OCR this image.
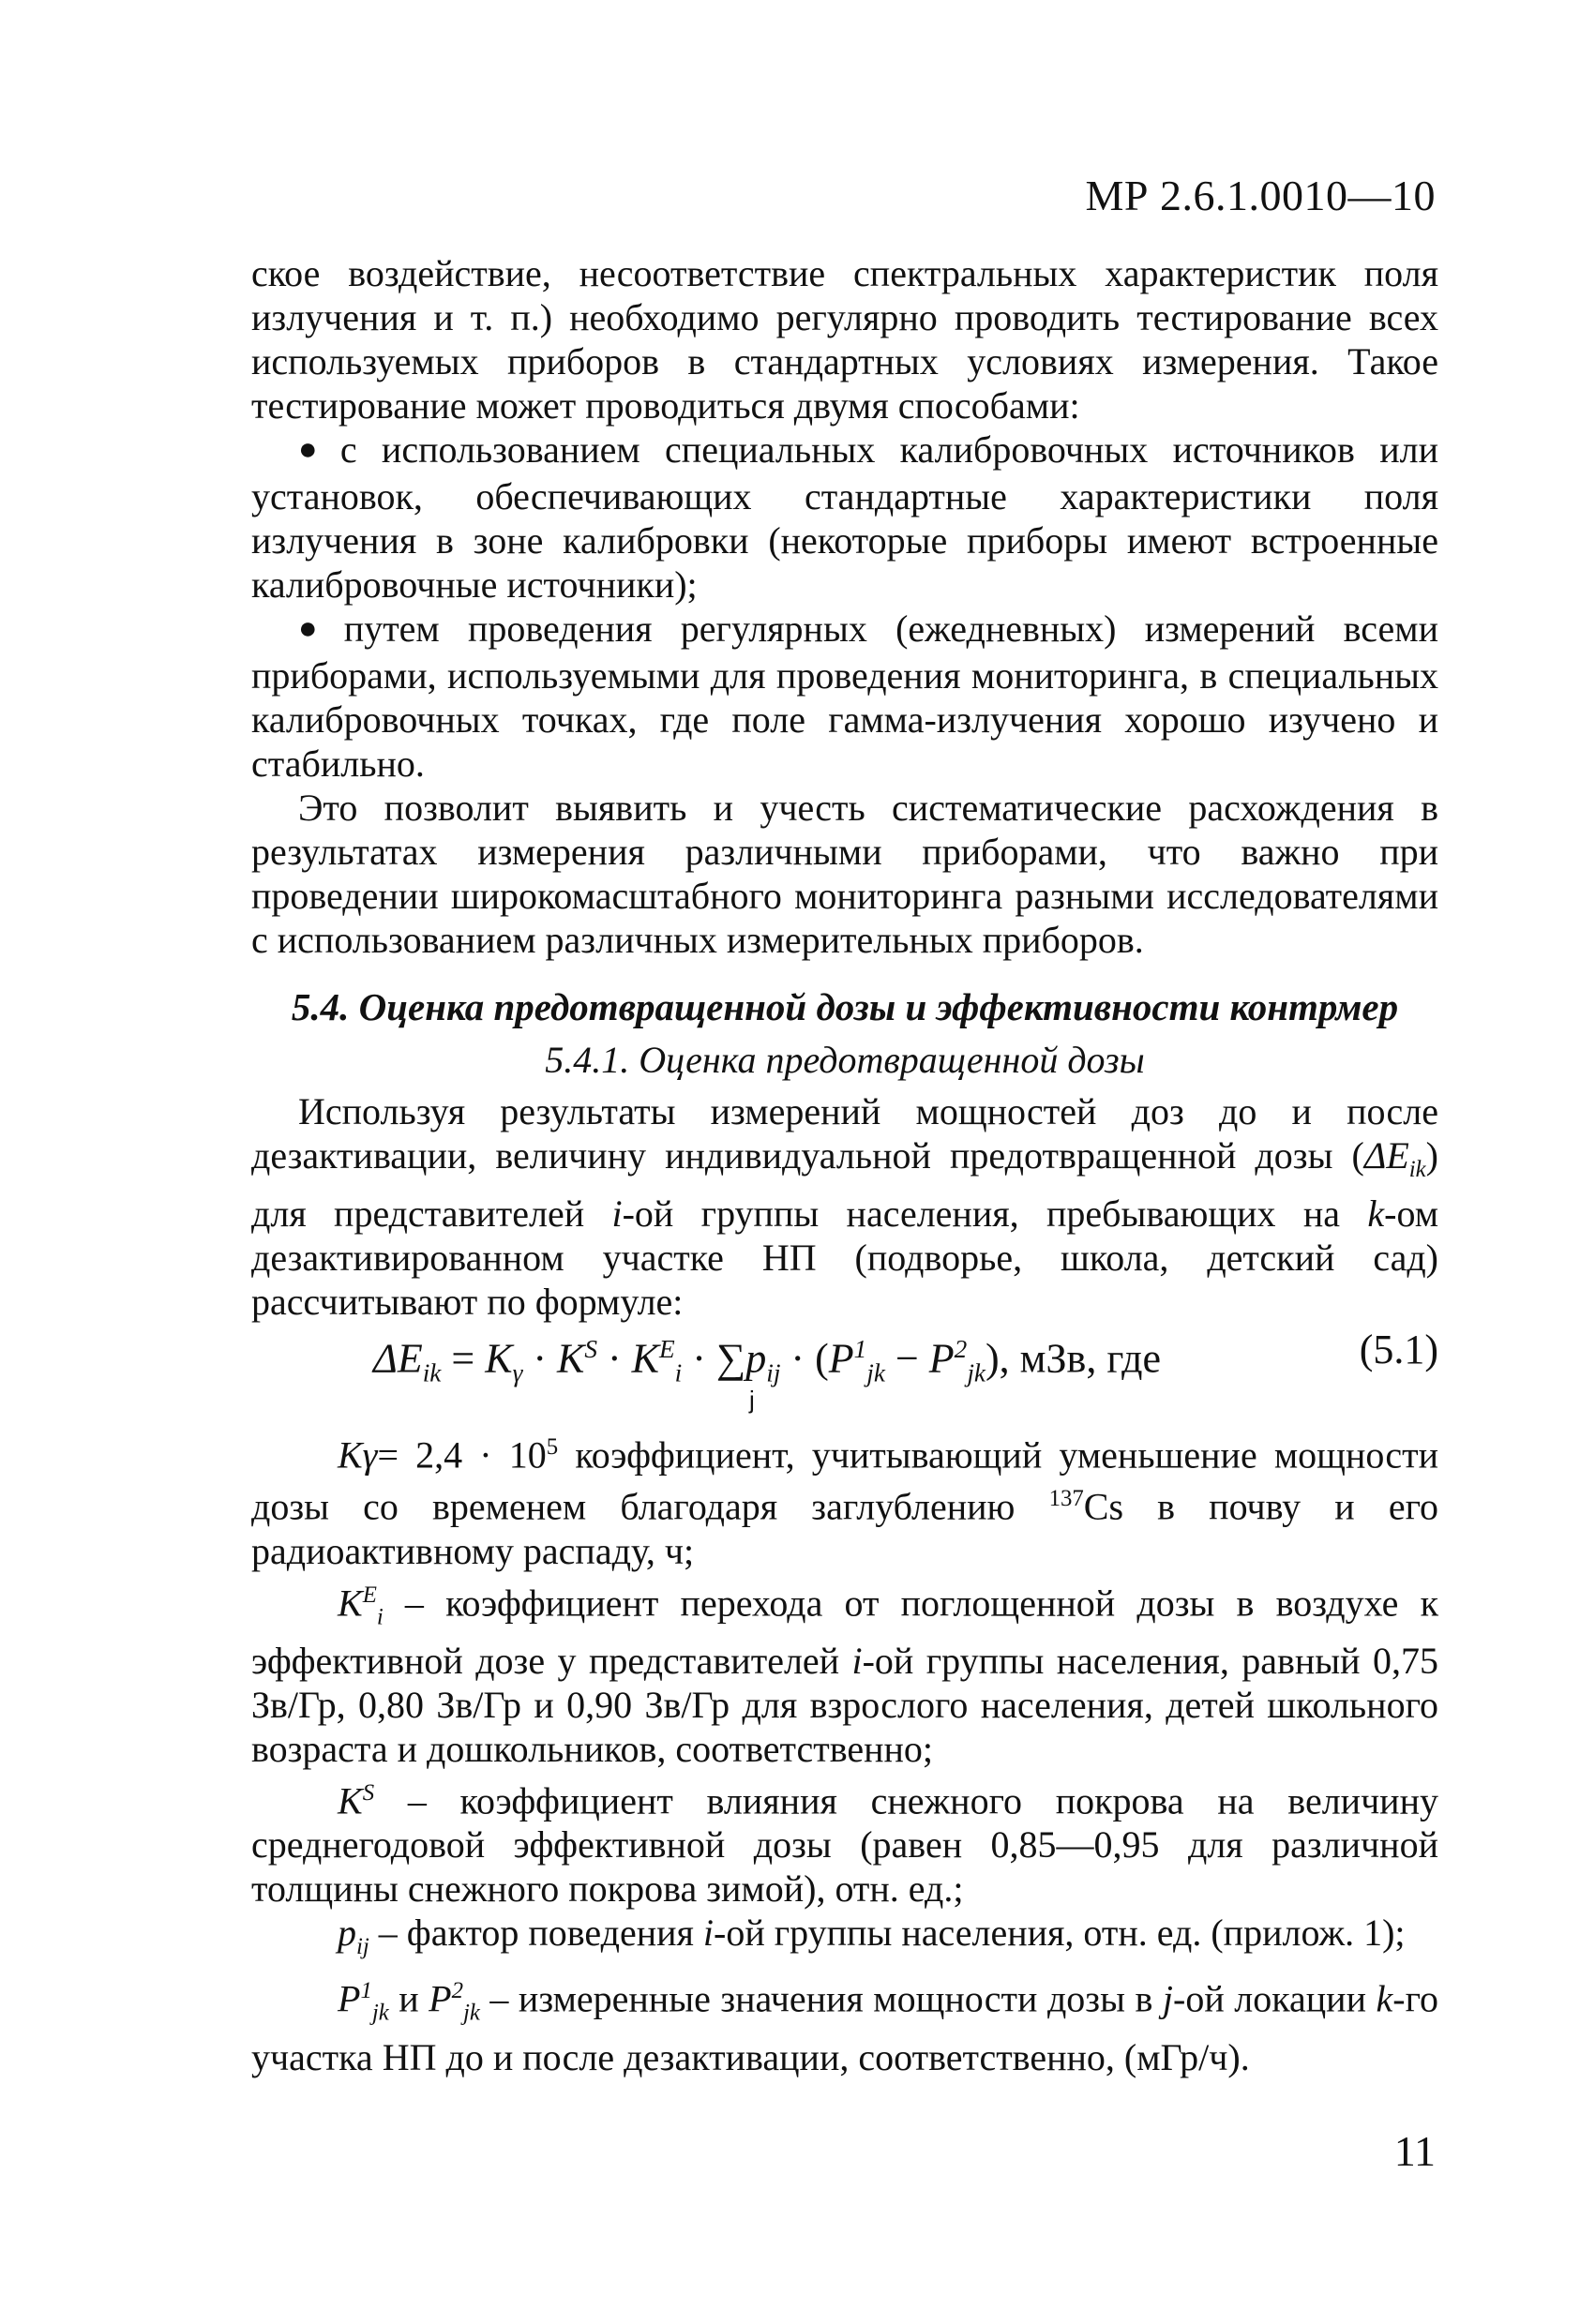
МР 2.6.1.0010—10

ское воздействие, несоответствие спектральных характеристик поля излучения и т. п.) необходимо регулярно проводить тестирование всех используемых приборов в стандартных условиях измерения. Такое тестирование может проводиться двумя способами:

● с использованием специальных калибровочных источников или установок, обеспечивающих стандартные характеристики поля излучения в зоне калибровки (некоторые приборы имеют встроенные калибровочные источники);

● путем проведения регулярных (ежедневных) измерений всеми приборами, используемыми для проведения мониторинга, в специальных калибровочных точках, где поле гамма-излучения хорошо изучено и стабильно.

Это позволит выявить и учесть систематические расхождения в результатах измерения различными приборами, что важно при проведении широкомасштабного мониторинга разными исследователями с использованием различных измерительных приборов.

5.4. Оценка предотвращенной дозы и эффективности контрмер
5.4.1. Оценка предотвращенной дозы

Используя результаты измерений мощностей доз до и после дезактивации, величину индивидуальной предотвращенной дозы $(\Delta E_{ik})$ для представителей i-ой группы населения, пребывающих на k-ом дезактивированном участке НП (подворье, школа, детский сад) рассчитывают по формуле:

$\Delta E_{ik} = K_\gamma \cdot K^S \cdot K^E_i \cdot \sum p_{ij} \cdot (P^1_{jk} - P^2_{jk})$, мЗв, где
j
(5.1)

$K\gamma= 2,4 \cdot 10^5$ коэффициент, учитывающий уменьшение мощности дозы со временем благодаря заглублению $^{137}$Cs в почву и его радиоактивному распаду, ч;

$K^E_i$ – коэффициент перехода от поглощенной дозы в воздухе к эффективной дозе у представителей i-ой группы населения, равный 0,75 Зв/Гр, 0,80 Зв/Гр и 0,90 Зв/Гр для взрослого населения, детей школьного возраста и дошкольников, соответственно;

$K^S$ – коэффициент влияния снежного покрова на величину среднегодовой эффективной дозы (равен 0,85—0,95 для различной толщины снежного покрова зимой), отн. ед.;

$p_{ij}$ – фактор поведения i-ой группы населения, отн. ед. (прилож. 1);

$P^1_{jk}$ и $P^2_{jk}$ – измеренные значения мощности дозы в j-ой локации k-го участка НП до и после дезактивации, соответственно, (мГр/ч).

11
